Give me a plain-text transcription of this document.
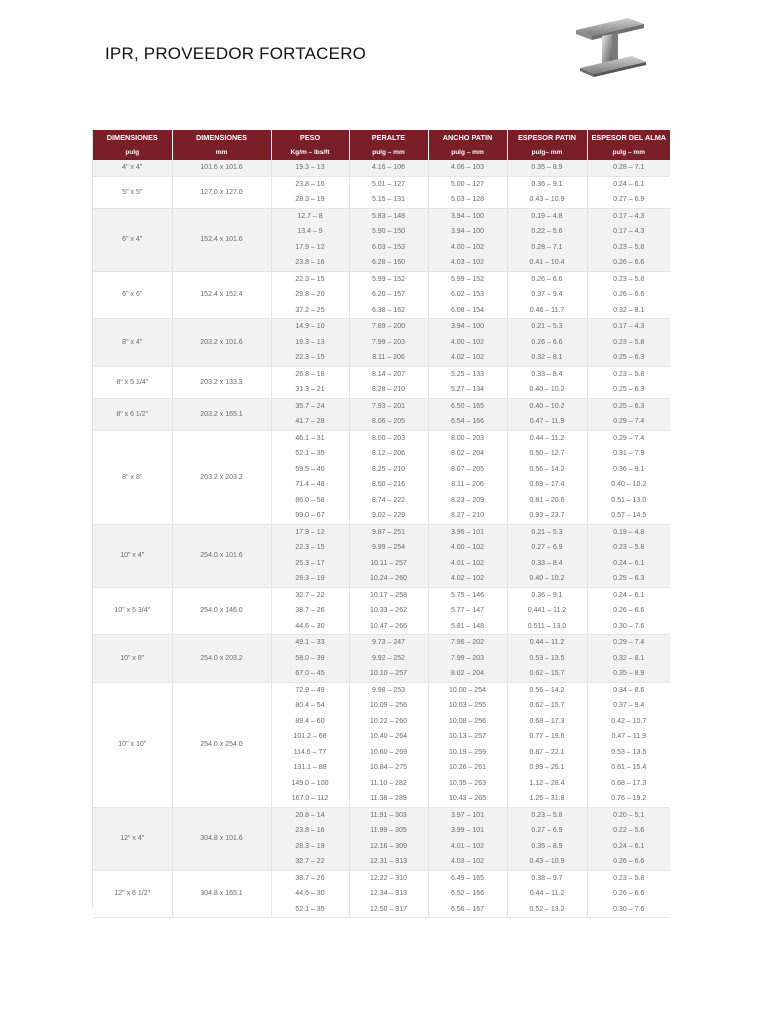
IPR, PROVEEDOR FORTACERO
DIMENSIONES	DIMENSIONES	PESO	PERALTE	ANCHO PATIN	ESPESOR PATIN	ESPESOR DEL ALMA
pulg	mm	Kg/m – lbs/ft	pulg – mm	pulg – mm	pulg– mm	pulg – mm
4" x 4"	101.6 x 101.6	19.3 – 13	4.16 – 106	4.06 – 103	0.35 – 8.9	0.28 – 7.1
5" x 5"	127.0 x 127.0	23.8 – 16	5.01 – 127	5.00 – 127	0.36 – 9.1	0.24 – 6.1
		28.3 – 19	5.15 – 131	5.03 – 128	0.43 – 10.9	0.27 – 6.9
6" x 4"	152.4 x 101.6	12.7 – 8	5.83 – 148	3.94 – 100	0.19 – 4.8	0.17 – 4.3
		13.4 – 9	5.90 – 150	3.94 – 100	0.22 – 5.6	0.17 – 4.3
		17.9 – 12	6.03 – 153	4.00 – 102	0.28 – 7.1	0.23 – 5.8
		23.8 – 16	6.28 – 160	4.03 – 102	0.41 – 10.4	0.26 – 6.6
6" x 6"	152.4 x 152.4	22.3 – 15	5.99 – 152	5.99 – 152	0.26 – 6.6	0.23 – 5.8
		29.8 – 20	6.20 – 157	6.02 – 153	0.37 – 9.4	0.26 – 6.6
		37.2 – 25	6.38 – 162	6.08 – 154	0.46 – 11.7	0.32 – 8.1
8" x 4"	203.2 x 101.6	14.9 – 10	7.89 – 200	3.94 – 100	0.21 – 5.3	0.17 – 4.3
		19.3 – 13	7.99 – 203	4.00 – 102	0.26 – 6.6	0.23 – 5.8
		22.3 – 15	8.11 – 206	4.02 – 102	0.32 – 8.1	0.25 – 6.3
8" x 5 1/4"	203.2 x 133.3	26.8 – 18	8.14 – 207	5.25 – 133	0.33 – 8.4	0.23 – 5.8
		31.3 – 21	8.28 – 210	5.27 – 134	0.40 – 10.2	0.25 – 6.3
8" x 6 1/2"	203.2 x 165.1	35.7 – 24	7.93 – 201	6.50 – 165	0.40 – 10.2	0.25 – 6.3
		41.7 – 28	8.06 – 205	6.54 – 166	0.47 – 11.9	0.29 – 7.4
8" x 8"	203.2 x 203.2	46.1 – 31	8.00 – 203	8.00 – 203	0.44 – 11.2	0.29 – 7.4
		52.1 – 35	8.12 – 206	8.02 – 204	0.50 – 12.7	0.31 – 7.9
		59.5 – 40	8.25 – 210	8.07 – 205	0.56 – 14.2	0.36 – 9.1
		71.4 – 48	8.50 – 216	8.11 – 206	0.69 – 17.4	0.40 – 10.2
		86.0 – 58	8.74 – 222	8.23 – 209	0.81 – 20.6	0.51 – 13.0
		99.0 – 67	9.02 – 229	8.27 – 210	0.93 – 23.7	0.57 – 14.5
10" x 4"	254.0 x 101.6	17.9 – 12	9.87 – 251	3.96 – 101	0.21 – 5.3	0.19 – 4.8
		22.3 – 15	9.99 – 254	4.00 – 102	0.27 – 6.9	0.23 – 5.8
		25.3 – 17	10.11 – 257	4.01 – 102	0.33 – 8.4	0.24 – 6.1
		28.3 – 19	10.24 – 260	4.02 – 102	0.40 – 10.2	0.25 – 6.3
10" x 5 3/4"	254.0 x 146.0	32.7 – 22	10.17 – 258	5.75 – 146	0.36 – 9.1	0.24 – 6.1
		38.7 – 26	10.33 – 262	5.77 – 147	0.441 – 11.2	0.26 – 6.6
		44.6 – 30	10.47 – 266	5.81 – 148	0.511 – 13.0	0.30 – 7.6
10" x 8"	254.0 x 203.2	49.1 – 33	9.73 – 247	7.96 – 202	0.44 – 11.2	0.29 – 7.4
		58.0 – 39	9.92 – 252	7.99 – 203	0.53 – 13.5	0.32 – 8.1
		67.0 – 45	10.10 – 257	8.02 – 204	0.62 – 15.7	0.35 – 8.9
10" x 10"	254.0 x 254.0	72.9 – 49	9.98 – 253	10.00 – 254	0.56 – 14.2	0.34 – 8.6
		80.4 – 54	10.09 – 256	10.03 – 255	0.62 – 15.7	0.37 – 9.4
		89.4 – 60	10.22 – 260	10.08 – 256	0.68 – 17.3	0.42 – 10.7
		101.2 – 68	10.40 – 264	10.13 – 257	0.77 – 19.6	0.47 – 11.9
		114.6 – 77	10.60 – 269	10.19 – 259	0.87 – 22.1	0.53 – 13.5
		131.1 – 88	10.84 – 275	10.26 – 261	0.99 – 25.1	0.61 – 15.4
		149.0 – 100	11.10 – 282	10.35 – 263	1.12 – 28.4	0.68 – 17.3
		167.0 – 112	11.38 – 289	10.43 – 265	1.25 – 31.8	0.76 – 19.2
12" x 4"	304.8 x 101.6	20.8 – 14	11.91 – 303	3.97 – 101	0.23 – 5.8	0.20 – 5.1
		23.8 – 16	11.99 – 305	3.99 – 101	0.27 – 6.9	0.22 – 5.6
		28.3 – 19	12.16 – 309	4.01 – 102	0.35 – 8.9	0.24 – 6.1
		32.7 – 22	12.31 – 313	4.03 – 102	0.43 – 10.9	0.26 – 6.6
12" x 6 1/2"	304.8 x 165.1	38.7 – 26	12.22 – 310	6.49 – 165	0.38 – 9.7	0.23 – 5.8
		44.6 – 30	12.34 – 313	6.52 – 166	0.44 – 11.2	0.26 – 6.6
		52.1 – 35	12.50 – 317	6.56 – 167	0.52 – 13.2	0.30 – 7.6
